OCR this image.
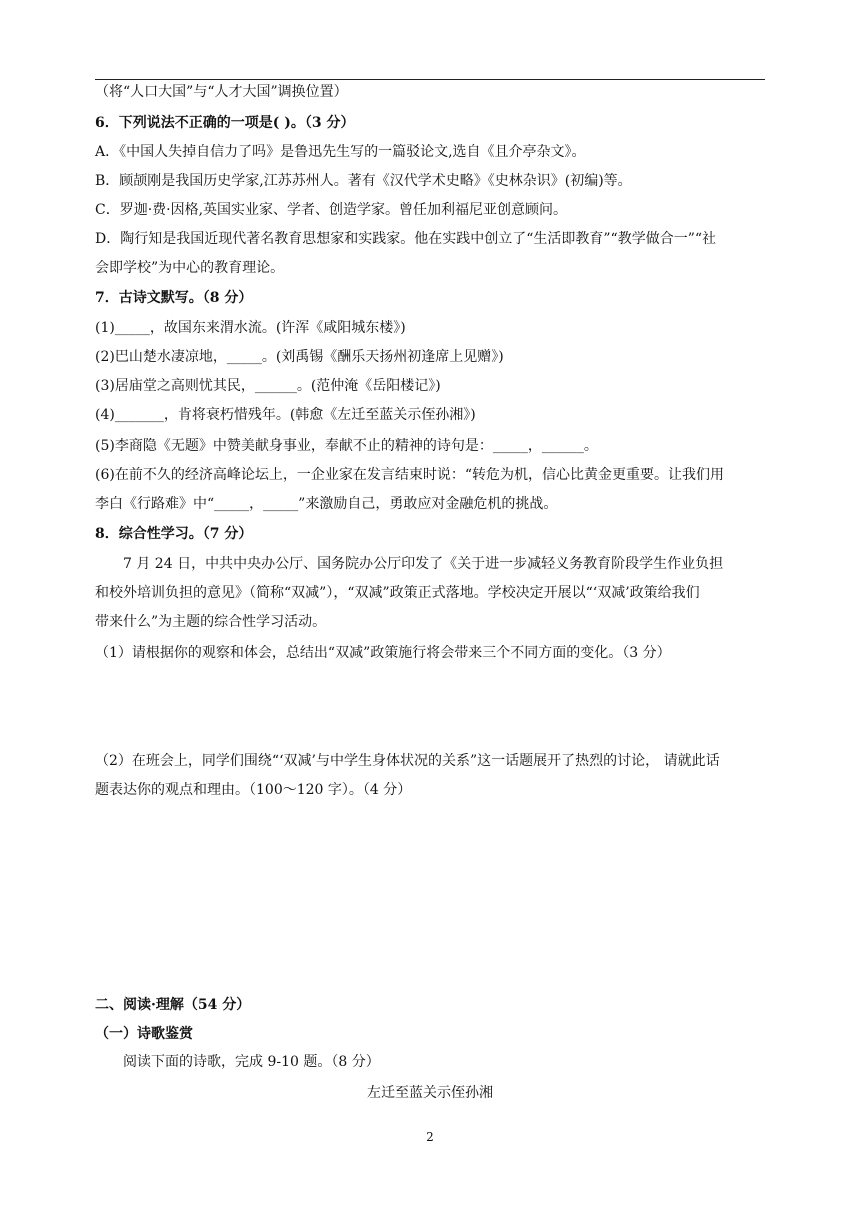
（将“人口大国”与“人才大国”调换位置）
6．下列说法不正确的一项是( )。（3 分）
A．《中国人失掉自信力了吗》是鲁迅先生写的一篇驳论文,选自《且介亭杂文》。
B．顾颉刚是我国历史学家,江苏苏州人。著有《汉代学术史略》《史林杂识》(初编)等。
C．罗迦·费·因格,英国实业家、学者、创造学家。曾任加利福尼亚创意顾问。
D．陶行知是我国近现代著名教育思想家和实践家。他在实践中创立了“生活即教育”“教学做合一”“社
会即学校”为中心的教育理论。
7．古诗文默写。（8 分）
(1)_____，故国东来渭水流。(许浑《咸阳城东楼》)
(2)巴山楚水凄凉地，_____。(刘禹锡《酬乐天扬州初逢席上见赠》)
(3)居庙堂之高则忧其民，______。(范仲淹《岳阳楼记》)
(4)_______，肯将衰朽惜残年。(韩愈《左迁至蓝关示侄孙湘》)
(5)李商隐《无题》中赞美献身事业，奉献不止的精神的诗句是：_____，______。
(6)在前不久的经济高峰论坛上，一企业家在发言结束时说：“转危为机，信心比黄金更重要。让我们用
李白《行路难》中“_____，_____”来激励自己，勇敢应对金融危机的挑战。
8．综合性学习。（7 分）
7 月 24 日，中共中央办公厅、国务院办公厅印发了《关于进一步减轻义务教育阶段学生作业负担
和校外培训负担的意见》（简称“双减”），“双减”政策正式落地。学校决定开展以“‘双减’政策给我们
带来什么”为主题的综合性学习活动。
（1）请根据你的观察和体会，总结出“双减”政策施行将会带来三个不同方面的变化。（3 分）
（2）在班会上，同学们围绕“‘双减’与中学生身体状况的关系”这一话题展开了热烈的讨论， 请就此话
题表达你的观点和理由。（100～120 字）。（4 分）
二、阅读·理解（54 分）
（一）诗歌鉴赏
阅读下面的诗歌，完成 9-10 题。（8 分）
左迁至蓝关示侄孙湘
2
